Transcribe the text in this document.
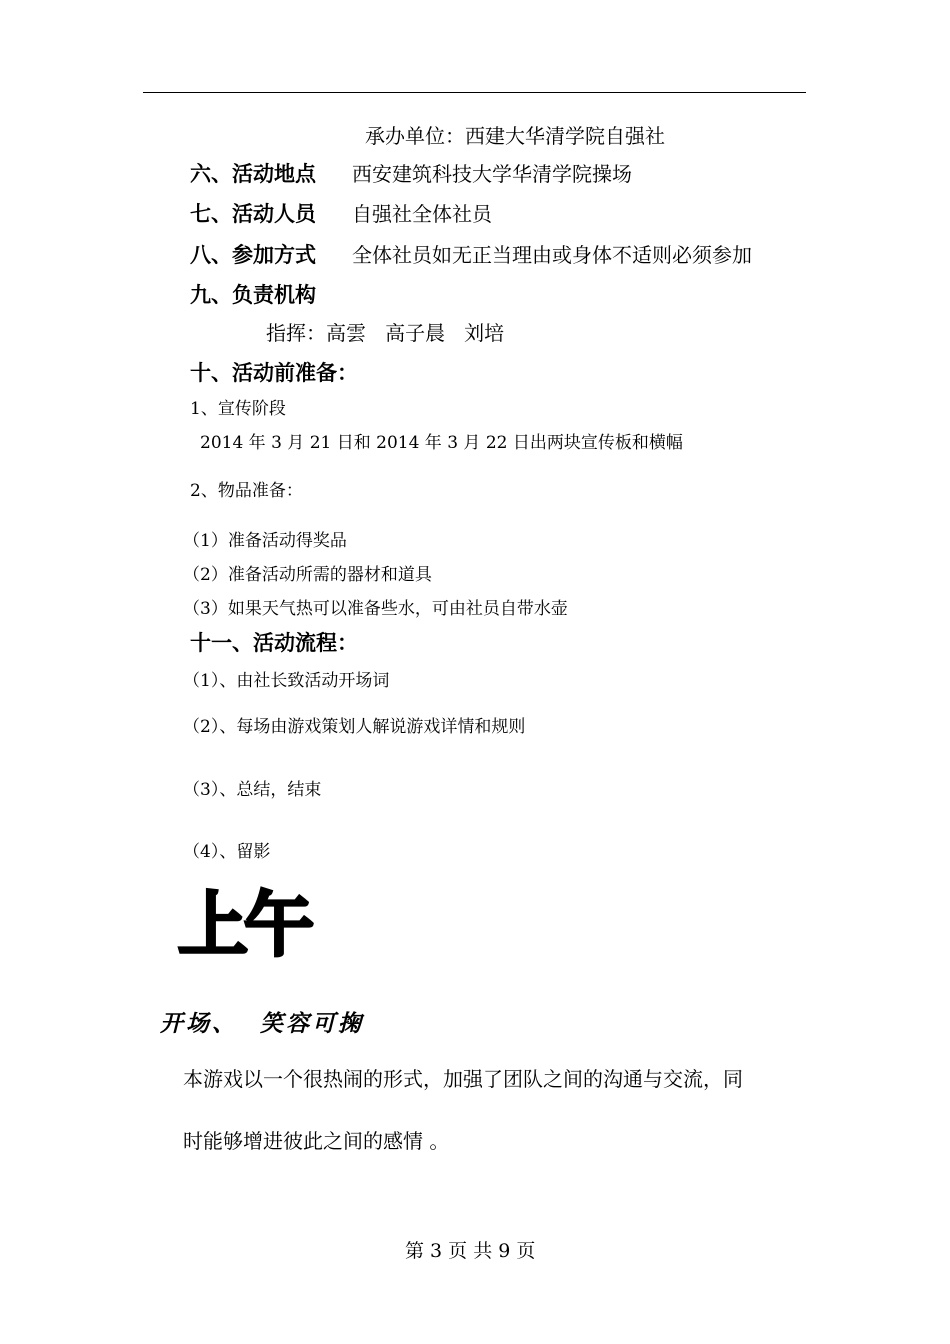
承办单位：西建大华清学院自强社
六、活动地点 西安建筑科技大学华清学院操场
七、活动人员 自强社全体社员
八、参加方式 全体社员如无正当理由或身体不适则必须参加
九、负责机构
指挥：高雲   高子晨   刘培
十、活动前准备：
1、宣传阶段
2014 年 3 月 21 日和 2014 年 3 月 22 日出两块宣传板和横幅
2、物品准备：
（1）准备活动得奖品
（2）准备活动所需的器材和道具
（3）如果天气热可以准备些水，可由社员自带水壶
十一、活动流程：
（1）、由社长致活动开场词
（2）、每场由游戏策划人解说游戏详情和规则
（3）、总结，结束
（4）、留影
上午
开场、  笑容可掬
本游戏以一个很热闹的形式，加强了团队之间的沟通与交流，同
时能够增进彼此之间的感情 。
第 3 页 共 9 页
